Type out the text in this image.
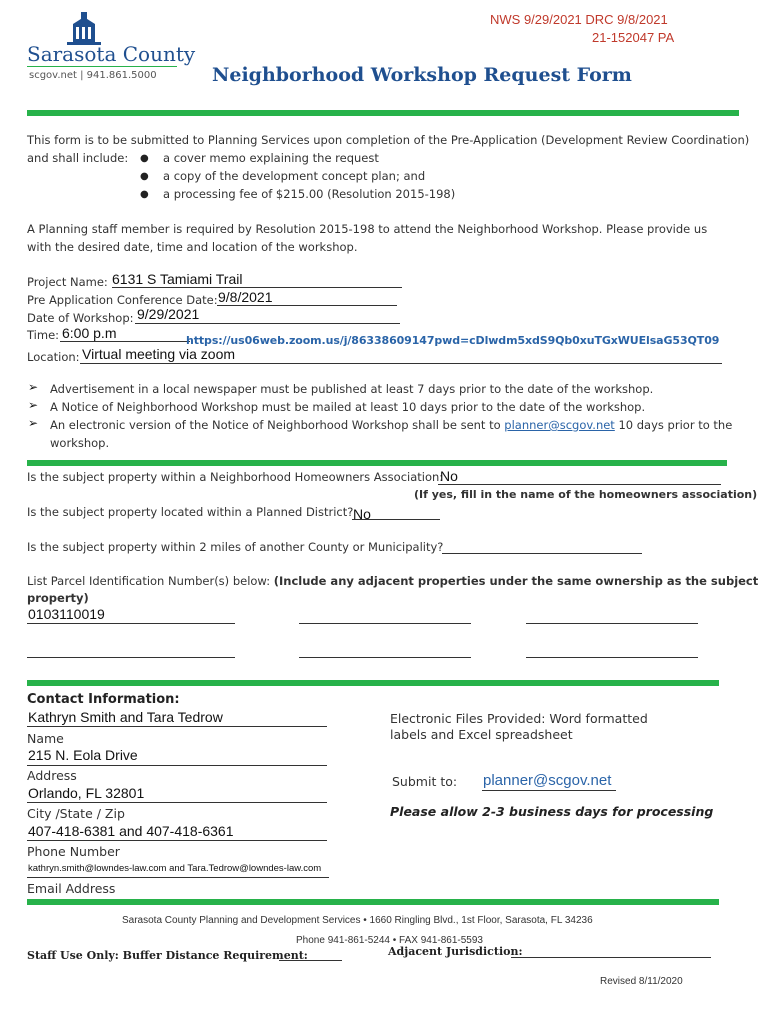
Sarasota County
scgov.net | 941.861.5000
NWS 9/29/2021 DRC 9/8/2021
21-152047 PA
Neighborhood Workshop Request Form
This form is to be submitted to Planning Services upon completion of the Pre-Application (Development Review Coordination)
and shall include: ● a cover memo explaining the request
● a copy of the development concept plan; and
● a processing fee of $215.00 (Resolution 2015-198)
A Planning staff member is required by Resolution 2015-198 to attend the Neighborhood Workshop. Please provide us
with the desired date, time and location of the workshop.
Project Name: 6131 S Tamiami Trail
Pre Application Conference Date: 9/8/2021
Date of Workshop: 9/29/2021
Time: 6:00 p.m	https://us06web.zoom.us/j/86338609147pwd=cDlwdm5xdS9Qb0xuTGxWUElsaG53QT09
Location: Virtual meeting via zoom
➢ Advertisement in a local newspaper must be published at least 7 days prior to the date of the workshop.
➢ A Notice of Neighborhood Workshop must be mailed at least 10 days prior to the date of the workshop.
➢ An electronic version of the Notice of Neighborhood Workshop shall be sent to planner@scgov.net 10 days prior to the
workshop.
Is the subject property within a Neighborhood Homeowners Association:
No
(If yes, fill in the name of the homeowners association)
Is the subject property located within a Planned District? No
Is the subject property within 2 miles of another County or Municipality?
List Parcel Identification Number(s) below: (Include any adjacent properties under the same ownership as the subject
property)
0103110019
Contact Information:
Kathryn Smith and Tara Tedrow
Name
215 N. Eola Drive
Address
Orlando, FL 32801
City /State / Zip
407-418-6381 and 407-418-6361
Phone Number
kathryn.smith@lowndes-law.com and Tara.Tedrow@lowndes-law.com
Email Address
Electronic Files Provided: Word formatted
labels and Excel spreadsheet
Submit to: planner@scgov.net
Please allow 2-3 business days for processing
Sarasota County Planning and Development Services • 1660 Ringling Blvd., 1st Floor, Sarasota, FL 34236
Phone 941-861-5244 • FAX 941-861-5593
Staff Use Only: Buffer Distance Requirement:	Adjacent Jurisdiction:
Revised 8/11/2020
